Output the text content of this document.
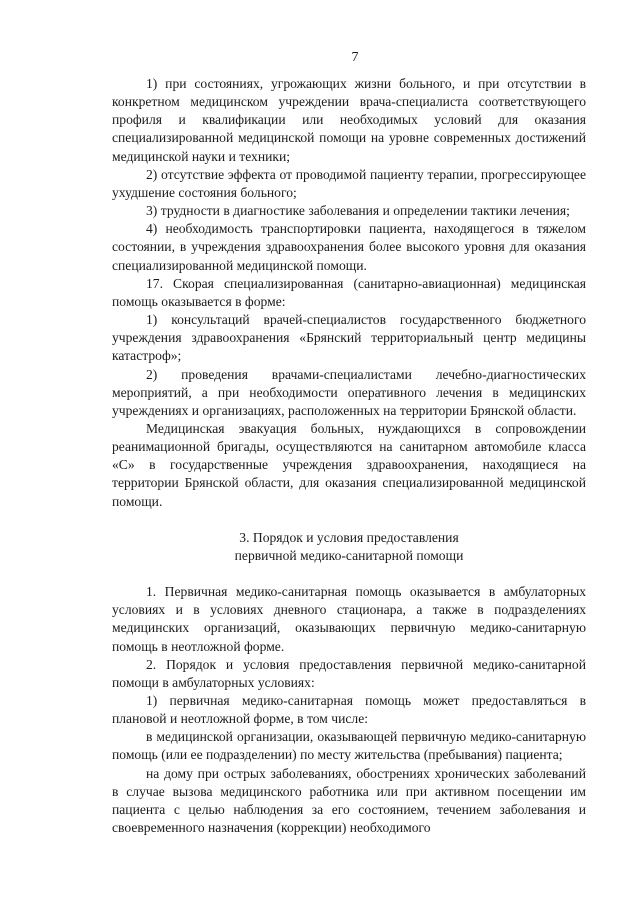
7

1) при состояниях, угрожающих жизни больного, и при отсутствии в конкретном медицинском учреждении врача-специалиста соответствующего профиля и квалификации или необходимых условий для оказания специализированной медицинской помощи на уровне современных достижений медицинской науки и техники;

2) отсутствие эффекта от проводимой пациенту терапии, прогрессирующее ухудшение состояния больного;

3) трудности в диагностике заболевания и определении тактики лечения;

4) необходимость транспортировки пациента, находящегося в тяжелом состоянии, в учреждения здравоохранения более высокого уровня для оказания специализированной медицинской помощи.

17. Скорая специализированная (санитарно-авиационная) медицинская помощь оказывается в форме:

1) консультаций врачей-специалистов государственного бюджетного учреждения здравоохранения «Брянский территориальный центр медицины катастроф»;

2) проведения врачами-специалистами лечебно-диагностических мероприятий, а при необходимости оперативного лечения в медицинских учреждениях и организациях, расположенных на территории Брянской области.

Медицинская эвакуация больных, нуждающихся в сопровождении реанимационной бригады, осуществляются на санитарном автомобиле класса «С» в государственные учреждения здравоохранения, находящиеся на территории Брянской области, для оказания специализированной медицинской помощи.

3. Порядок и условия предоставления

первичной медико-санитарной помощи

1. Первичная медико-санитарная помощь оказывается в амбулаторных условиях и в условиях дневного стационара, а также в подразделениях медицинских организаций, оказывающих первичную медико-санитарную помощь в неотложной форме.

2. Порядок и условия предоставления первичной медико-санитарной помощи в амбулаторных условиях:

1) первичная медико-санитарная помощь может предоставляться в плановой и неотложной форме, в том числе:

в медицинской организации, оказывающей первичную медико-санитарную помощь (или ее подразделении) по месту жительства (пребывания) пациента;

на дому при острых заболеваниях, обострениях хронических заболеваний в случае вызова медицинского работника или при активном посещении им пациента с целью наблюдения за его состоянием, течением заболевания и своевременного назначения (коррекции) необходимого
